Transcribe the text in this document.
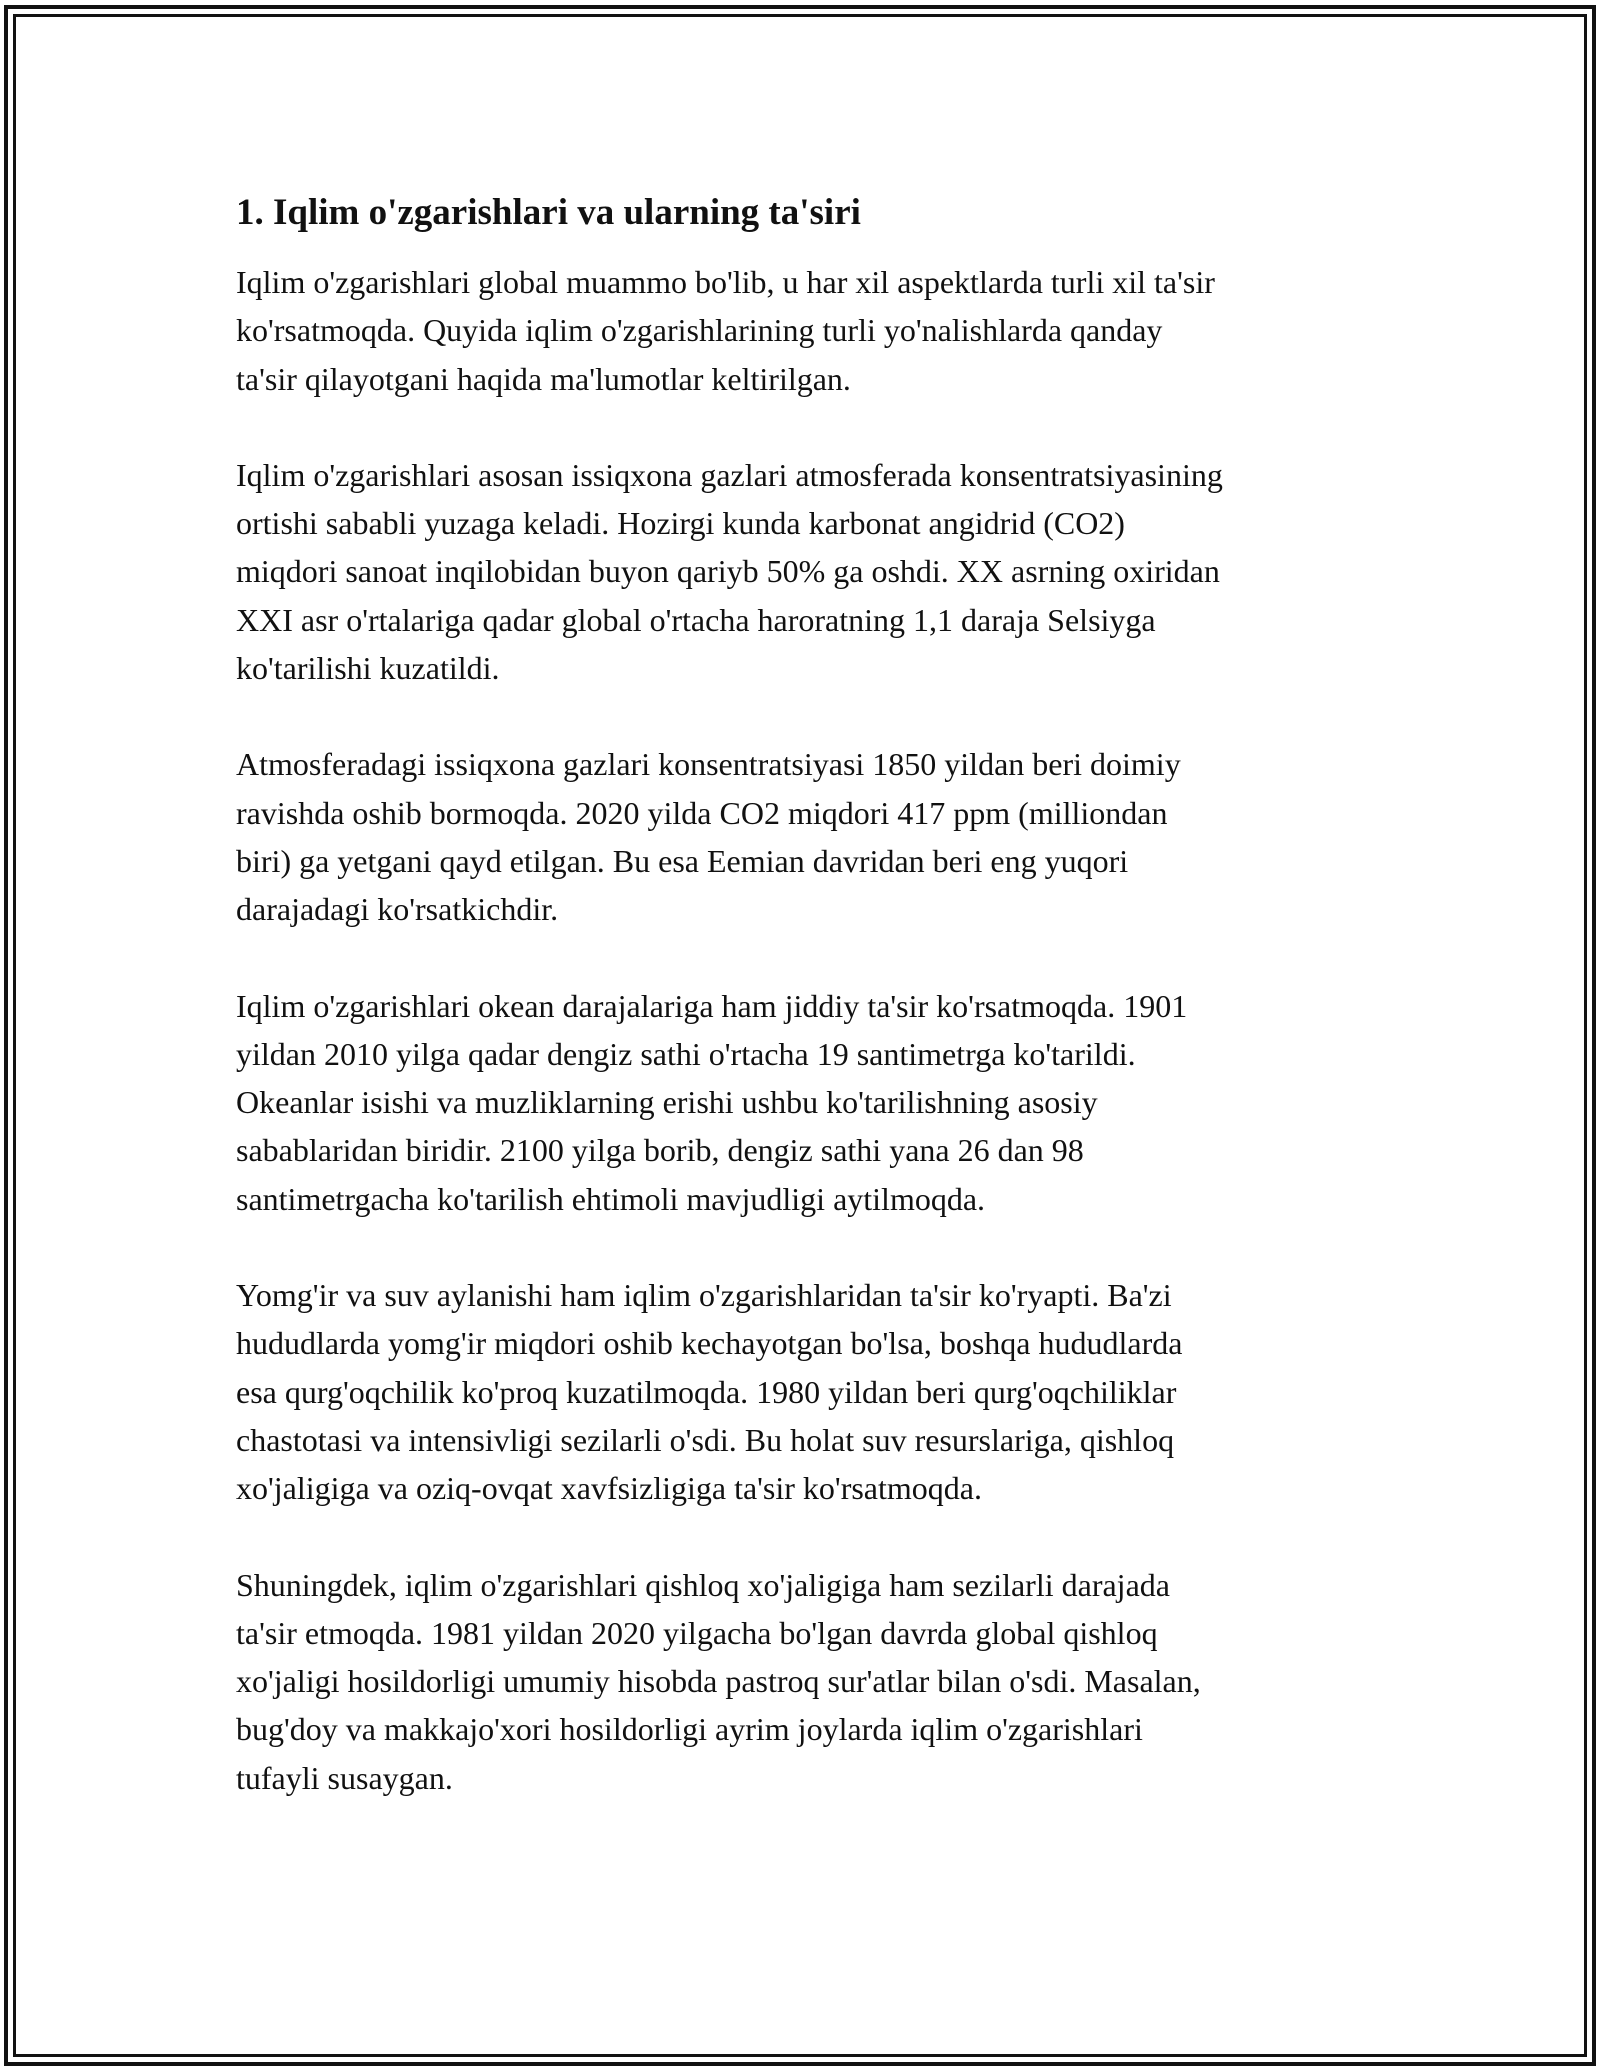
1. Iqlim o'zgarishlari va ularning ta'siri
Iqlim o'zgarishlari global muammo bo'lib, u har xil aspektlarda turli xil ta'sir
ko'rsatmoqda. Quyida iqlim o'zgarishlarining turli yo'nalishlarda qanday
ta'sir qilayotgani haqida ma'lumotlar keltirilgan.
Iqlim o'zgarishlari asosan issiqxona gazlari atmosferada konsentratsiyasining
ortishi sababli yuzaga keladi. Hozirgi kunda karbonat angidrid (CO2)
miqdori sanoat inqilobidan buyon qariyb 50% ga oshdi. XX asrning oxiridan
XXI asr o'rtalariga qadar global o'rtacha haroratning 1,1 daraja Selsiyga
ko'tarilishi kuzatildi.
Atmosferadagi issiqxona gazlari konsentratsiyasi 1850 yildan beri doimiy
ravishda oshib bormoqda. 2020 yilda CO2 miqdori 417 ppm (milliondan
biri) ga yetgani qayd etilgan. Bu esa Eemian davridan beri eng yuqori
darajadagi ko'rsatkichdir.
Iqlim o'zgarishlari okean darajalariga ham jiddiy ta'sir ko'rsatmoqda. 1901
yildan 2010 yilga qadar dengiz sathi o'rtacha 19 santimetrga ko'tarildi.
Okeanlar isishi va muzliklarning erishi ushbu ko'tarilishning asosiy
sabablaridan biridir. 2100 yilga borib, dengiz sathi yana 26 dan 98
santimetrgacha ko'tarilish ehtimoli mavjudligi aytilmoqda.
Yomg'ir va suv aylanishi ham iqlim o'zgarishlaridan ta'sir ko'ryapti. Ba'zi
hududlarda yomg'ir miqdori oshib kechayotgan bo'lsa, boshqa hududlarda
esa qurg'oqchilik ko'proq kuzatilmoqda. 1980 yildan beri qurg'oqchiliklar
chastotasi va intensivligi sezilarli o'sdi. Bu holat suv resurslariga, qishloq
xo'jaligiga va oziq-ovqat xavfsizligiga ta'sir ko'rsatmoqda.
Shuningdek, iqlim o'zgarishlari qishloq xo'jaligiga ham sezilarli darajada
ta'sir etmoqda. 1981 yildan 2020 yilgacha bo'lgan davrda global qishloq
xo'jaligi hosildorligi umumiy hisobda pastroq sur'atlar bilan o'sdi. Masalan,
bug'doy va makkajo'xori hosildorligi ayrim joylarda iqlim o'zgarishlari
tufayli susaygan.
